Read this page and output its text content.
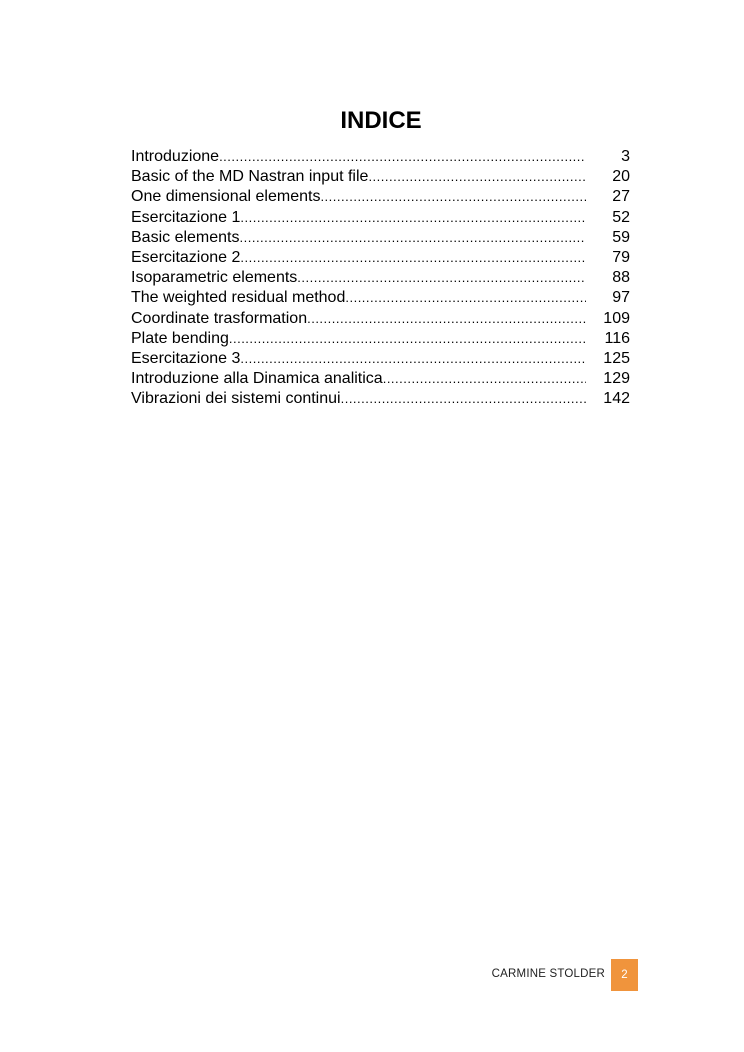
INDICE
Introduzione .....	3
Basic of the MD Nastran input file .....	20
One dimensional elements .....	27
Esercitazione 1 .....	52
Basic elements .....	59
Esercitazione 2 .....	79
Isoparametric elements .....	88
The weighted residual method .....	97
Coordinate trasformation .....	109
Plate bending .....	116
Esercitazione 3 .....	125
Introduzione alla Dinamica analitica .....	129
Vibrazioni dei sistemi continui .....	142
CARMINE STOLDER	2
